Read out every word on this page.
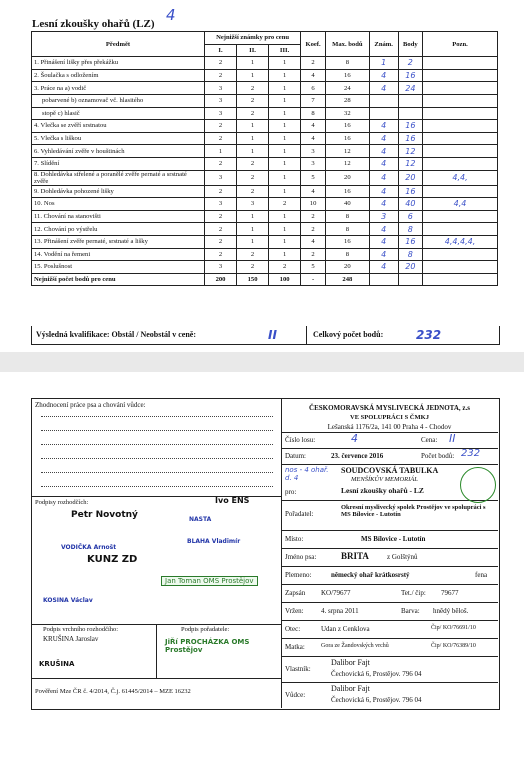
Lesní zkoušky ohařů (LZ) 4
Předmět	Nejnižší známky pro cenu			Koef.	Max. bodů	Znám.	Body	Pozn.
	I.	II.	III.					
1. Přinášení lišky přes překážku	2	1	1	2	8	1	2	
2. Šoulačka s odložením	2	1	1	4	16	4	16	
3. Práce na a) vodič	3	2	1	6	24	4	24	
pobarvené b) oznamovač vč. hlasitého	3	2	1	7	28			
stopě c) hlasič	3	2	1	8	32			
4. Vlečka se zvěří srstnatou	2	1	1	4	16	4	16	
5. Vlečka s liškou	2	1	1	4	16	4	16	
6. Vyhledávání zvěře v houštinách	1	1	1	3	12	4	12	
7. Slídění	2	2	1	3	12	4	12	
8. Dohledávka střelené a poranělé zvěře pernaté a srstnaté zvěře	3	2	1	5	20	4	20	4,4,
9. Dohledávka pohozené lišky	2	2	1	4	16	4	16	
10. Nos	3	3	2	10	40	4	40	4,4
11. Chování na stanovišti	2	1	1	2	8	3	6	
12. Chování po výstřelu	2	1	1	2	8	4	8	
13. Přinášení zvěře pernaté, srstnaté a lišky	2	1	1	4	16	4	16	4,4,4,4,
14. Vodění na řemeni	2	2	1	2	8	4	8	
15. Poslušnost	3	2	2	5	20	4	20	
Nejnižší počet bodů pro cenu	200	150	100	-	248			
Výsledná kvalifikace: Obstál / Neobstál v ceně:	II	Celkový počet bodů:	232
Zhodnocení práce psa a chování vůdce:
Podpisy rozhodčích:
Petr Novotný
VODIČKA Arnošt
KUNZ ZD
KOSINA Václav
NASTA
BLAHA Vladimír
Ivo ENS
Jan Toman OMS Prostějov
Podpis vrchního rozhodčího:
KRUŠINA Jaroslav
KRUŠINA
Podpis pořadatele:
JiŘí PROCHÁZKA OMS Prostějov
Pověření Mze ČR č. 4/2014, Č.j. 61445/2014 – MZE 16232
ČESKOMORAVSKÁ MYSLIVECKÁ JEDNOTA, z.s
VE SPOLUPRÁCI S ČMKJ
Lešanská 1176/2a, 141 00 Praha 4 - Chodov
Číslo losu:	4	Cena: II
Datum:	23. července 2016	Počet bodů: 232
SOUDCOVSKÁ TABULKA
MENŠÍKŮV MEMORIÁL
nos - 4 ohař. d. 4
pro:	Lesní zkoušky ohařů - LZ
Pořadatel:
Okresní myslivecký spolek Prostějov ve spolupráci s MS Bílovice - Lutotín
Místo:	MS Bílovice - Lutotín
Jméno psa:	BRITA	z Golštýnů
Plemeno:	německý ohař krátkosrstý	fena
Zapsán KO/79677	Tet./ čip: 79677
Vržen: 4. srpna 2011	Barva: hnědý běloš.
Otec:	Udan z Cenklova	Čip/ KO/76691/10
Matka:	Gora ze Žandovských vrchů	Čip/ KO/76389/10
Vlastník:
Dalibor Fajt
Čechovická 6, Prostějov. 796 04
Vůdce:
Dalibor Fajt
Čechovická 6, Prostějov. 796 04
